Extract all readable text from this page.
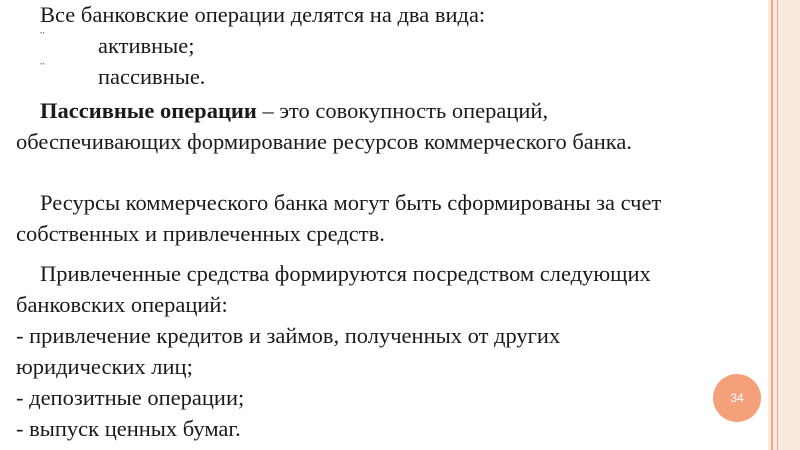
Все банковские операции делятся на два вида:
¨ активные;
¨ пассивные.
Пассивные операции – это совокупность операций,
обеспечивающих формирование ресурсов коммерческого банка.
Ресурсы коммерческого банка могут быть сформированы за счет
собственных и привлеченных средств.
Привлеченные средства формируются посредством следующих
банковских операций:
- привлечение кредитов и займов, полученных от других
юридических лиц;
- депозитные операции;
- выпуск ценных бумаг.
34
